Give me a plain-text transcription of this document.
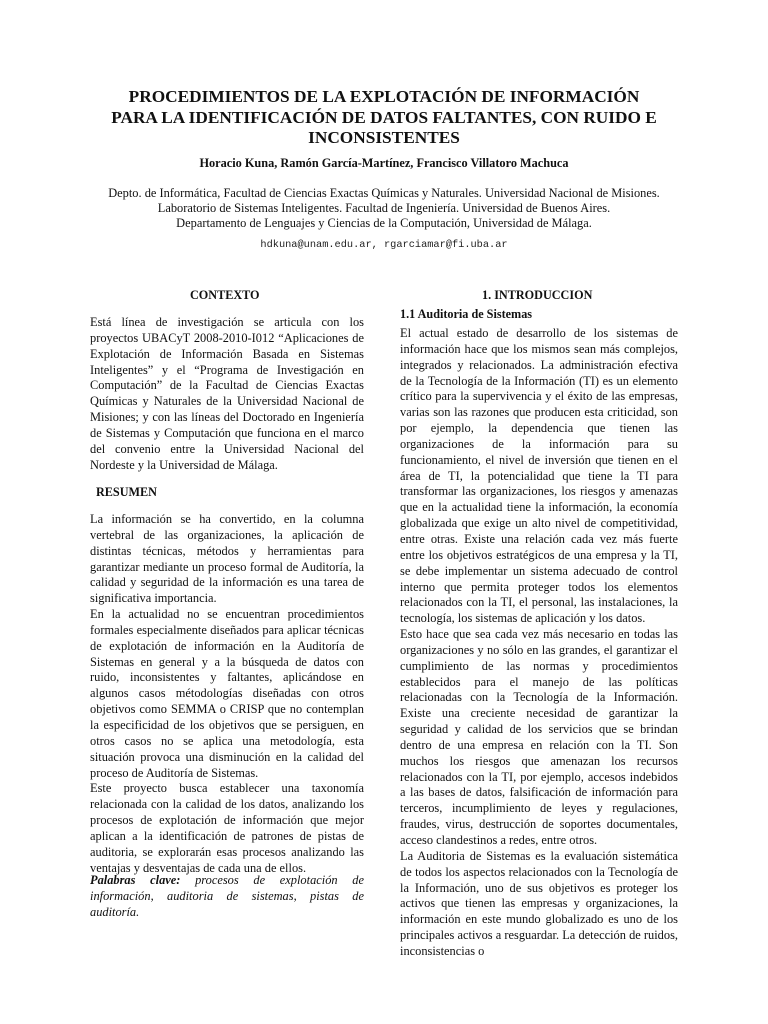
PROCEDIMIENTOS DE LA EXPLOTACIÓN DE INFORMACIÓN
PARA LA IDENTIFICACIÓN DE DATOS FALTANTES, CON RUIDO E
INCONSISTENTES
Horacio Kuna, Ramón García-Martínez, Francisco Villatoro Machuca
Depto. de Informática, Facultad de Ciencias Exactas Químicas y Naturales. Universidad Nacional de Misiones.
Laboratorio de Sistemas Inteligentes. Facultad de Ingeniería. Universidad de Buenos Aires.
Departamento de Lenguajes y Ciencias de la Computación, Universidad de Málaga.
hdkuna@unam.edu.ar, rgarciamar@fi.uba.ar
CONTEXTO

Está línea de investigación se articula con los proyectos UBACyT 2008-2010-I012 “Aplicaciones de Explotación de Información Basada en Sistemas Inteligentes” y el “Programa de Investigación en Computación” de la Facultad de Ciencias Exactas Químicas y Naturales de la Universidad Nacional de Misiones; y con las líneas del Doctorado en Ingeniería de Sistemas y Computación que funciona en el marco del convenio entre la Universidad Nacional del Nordeste y la Universidad de Málaga.

RESUMEN

La información se ha convertido, en la columna vertebral de las organizaciones, la aplicación de distintas técnicas, métodos y herramientas para garantizar mediante un proceso formal de Auditoría, la calidad y seguridad de la información es una tarea de significativa importancia.

En la actualidad no se encuentran procedimientos formales especialmente diseñados para aplicar técnicas de explotación de información en la Auditoría de Sistemas en general y a la búsqueda de datos con ruido, inconsistentes y faltantes, aplicándose en algunos casos métodologías diseñadas con otros objetivos como SEMMA o CRISP que no contemplan la especificidad de los objetivos que se persiguen, en otros casos no se aplica una metodología, esta situación provoca una disminución en la calidad del proceso de Auditoría de Sistemas.

Este proyecto busca establecer una taxonomía relacionada con la calidad de los datos, analizando los procesos de explotación de información que mejor aplican a la identificación de patrones de pistas de auditoria, se explorarán esas procesos analizando las ventajas y desventajas de cada una de ellos.

Palabras clave: procesos de explotación de información, auditoria de sistemas, pistas de auditoría.

1. INTRODUCCION
1.1 Auditoria de Sistemas

El actual estado de desarrollo de los sistemas de información hace que los mismos sean más complejos, integrados y relacionados. La administración efectiva de la Tecnología de la Información (TI) es un elemento crítico para la supervivencia y el éxito de las empresas, varias son las razones que producen esta criticidad, son por ejemplo, la dependencia que tienen las organizaciones de la información para su funcionamiento, el nivel de inversión que tienen en el área de TI, la potencialidad que tiene la TI para transformar las organizaciones, los riesgos y amenazas que en la actualidad tiene la información, la economía globalizada que exige un alto nivel de competitividad, entre otras. Existe una relación cada vez más fuerte entre los objetivos estratégicos de una empresa y la TI, se debe implementar un sistema adecuado de control interno que permita proteger todos los elementos relacionados con la TI, el personal, las instalaciones, la tecnología, los sistemas de aplicación y los datos.

Esto hace que sea cada vez más necesario en todas las organizaciones y no sólo en las grandes, el garantizar el cumplimiento de las normas y procedimientos establecidos para el manejo de las políticas relacionadas con la Tecnología de la Información. Existe una creciente necesidad de garantizar la seguridad y calidad de los servicios que se brindan dentro de una empresa en relación con la TI. Son muchos los riesgos que amenazan los recursos relacionados con la TI, por ejemplo, accesos indebidos a las bases de datos, falsificación de información para terceros, incumplimiento de leyes y regulaciones, fraudes, virus, destrucción de soportes documentales, acceso clandestinos a redes, entre otros.

La Auditoria de Sistemas es la evaluación sistemática de todos los aspectos relacionados con la Tecnología de la Información, uno de sus objetivos es proteger los activos que tienen las empresas y organizaciones, la información en este mundo globalizado es uno de los principales activos a resguardar. La detección de ruidos, inconsistencias o
